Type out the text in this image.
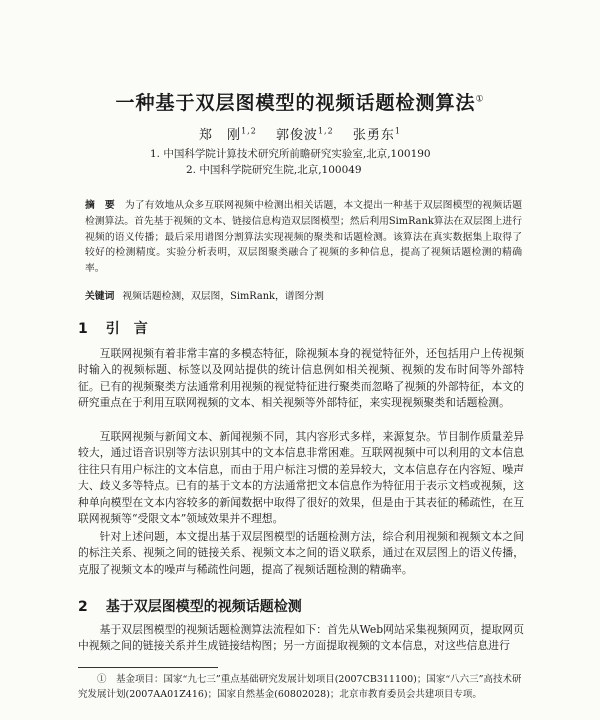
一种基于双层图模型的视频话题检测算法①
郑　刚$^{1,2}$  郭俊波$^{1,2}$  张勇东$^1$
1. 中国科学院计算技术研究所前瞻研究实验室,北京,100190
2. 中国科学院研究生院,北京,100049
摘　要 为了有效地从众多互联网视频中检测出相关话题，本文提出一种基于双层图模型的视频话题检测算法。首先基于视频的文本、链接信息构造双层图模型；然后利用SimRank算法在双层图上进行视频的语义传播；最后采用谱图分割算法实现视频的聚类和话题检测。该算法在真实数据集上取得了较好的检测精度。实验分析表明，双层图聚类融合了视频的多种信息，提高了视频话题检测的精确率。
关键词 视频话题检测，双层图，SimRank，谱图分割
1 引　言
互联网视频有着非常丰富的多模态特征，除视频本身的视觉特征外，还包括用户上传视频时输入的视频标题、标签以及网站提供的统计信息例如相关视频、视频的发布时间等外部特征。已有的视频聚类方法通常利用视频的视觉特征进行聚类而忽略了视频的外部特征，本文的研究重点在于利用互联网视频的文本、相关视频等外部特征，来实现视频聚类和话题检测。
互联网视频与新闻文本、新闻视频不同，其内容形式多样，来源复杂。节目制作质量差异较大，通过语音识别等方法识别其中的文本信息非常困难。互联网视频中可以利用的文本信息往往只有用户标注的文本信息，而由于用户标注习惯的差异较大，文本信息存在内容短、噪声大、歧义多等特点。已有的基于文本的方法通常把文本信息作为特征用于表示文档或视频，这种单向模型在文本内容较多的新闻数据中取得了很好的效果，但是由于其表征的稀疏性，在互联网视频等“受限文本”领域效果并不理想。
针对上述问题，本文提出基于双层图模型的话题检测方法，综合利用视频和视频文本之间的标注关系、视频之间的链接关系、视频文本之间的语义联系，通过在双层图上的语义传播，克服了视频文本的噪声与稀疏性问题，提高了视频话题检测的精确率。
2 基于双层图模型的视频话题检测
基于双层图模型的视频话题检测算法流程如下：首先从Web网站采集视频网页，提取网页中视频之间的链接关系并生成链接结构图；另一方面提取视频的文本信息，对这些信息进行
①　基金项目：国家“九七三”重点基础研究发展计划项目(2007CB311100)；国家“八六三”高技术研究发展计划(2007AA01Z416)；国家自然基金(60802028)；北京市教育委员会共建项目专项。
